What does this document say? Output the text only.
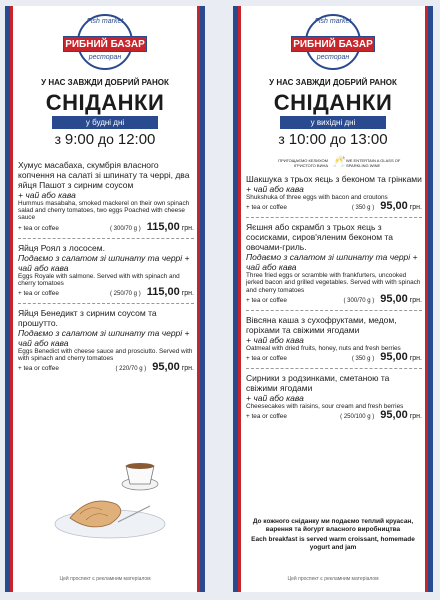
Fish market
РИБНИЙ БАЗАР
ресторан
У НАС ЗАВЖДИ ДОБРИЙ РАНОК
СНІДАНКИ
у будні дні
з 9:00 до 12:00
Хумус масабаха, скумбрія власного копчення на салаті зі шпинату та черрі, два яйця Пашот з сирним соусом
+ чай або кава
Hummus masabaha, smoked mackerel on their own spinach salad and cherry tomatoes, two eggs Poached with cheese sauce
+ tea or coffee	( 300/70 g ) 115,00 грн.
Яйця Роял з лососем.
Подаємо з салатом зі шпинату та черрі + чай або кава
Eggs Royale with salmone. Served with with spinach and cherry tomatoes
+ tea or coffee	( 250/70 g ) 115,00 грн.
Яйця Бенедикт з сирним соусом та прошутто.
Подаємо з салатом зі шпинату та черрі + чай або кава
Eggs Benedict with cheese sauce and prosciutto. Served with with spinach and cherry tomatoes
+ tea or coffee	( 220/70 g ) 95,00 грн.
Цей проспект є рекламним матеріалом
Fish market
РИБНИЙ БАЗАР
ресторан
У НАС ЗАВЖДИ ДОБРИЙ РАНОК
СНІДАНКИ
у вихідні дні
з 10:00 до 13:00
ПРИГОЩАЄМО КЕЛИХОМ ІГРИСТОГО ВИНА 🥂 WE ENTERTAIN A GLASS OF SPARKLING WINE
Шакшука з трьох яєць з беконом та грінками
+ чай або кава
Shukshuka of three eggs with bacon and croutons
+ tea or coffee	( 350 g ) 95,00 грн.
Яєшня або скрамбл з трьох яєць з сосисками, сиров'яленим беконом та овочами-гриль.
Подаємо з салатом зі шпинату та черрі + чай або кава
Three fried eggs or scramble with frankfurters, uncooked jerked bacon and grilled vegetables. Served with with spinach and cherry tomatoes
+ tea or coffee	( 300/70 g ) 95,00 грн.
Вівсяна каша з сухофруктами, медом, горіхами та свіжими ягодами
+ чай або кава
Oatmeal with dried fruits, honey, nuts and fresh berries
+ tea or coffee	( 350 g ) 95,00 грн.
Сирники з родзинками, сметаною та свіжими ягодами
+ чай або кава
Cheesecakes with raisins, sour cream and fresh berries
+ tea or coffee	( 250/100 g ) 95,00 грн.
До кожного сніданку ми подаємо теплий круасан, варення та йогурт власного виробництва
Each breakfast is served warm croissant, homemade yogurt and jam
Цей проспект є рекламним матеріалом
